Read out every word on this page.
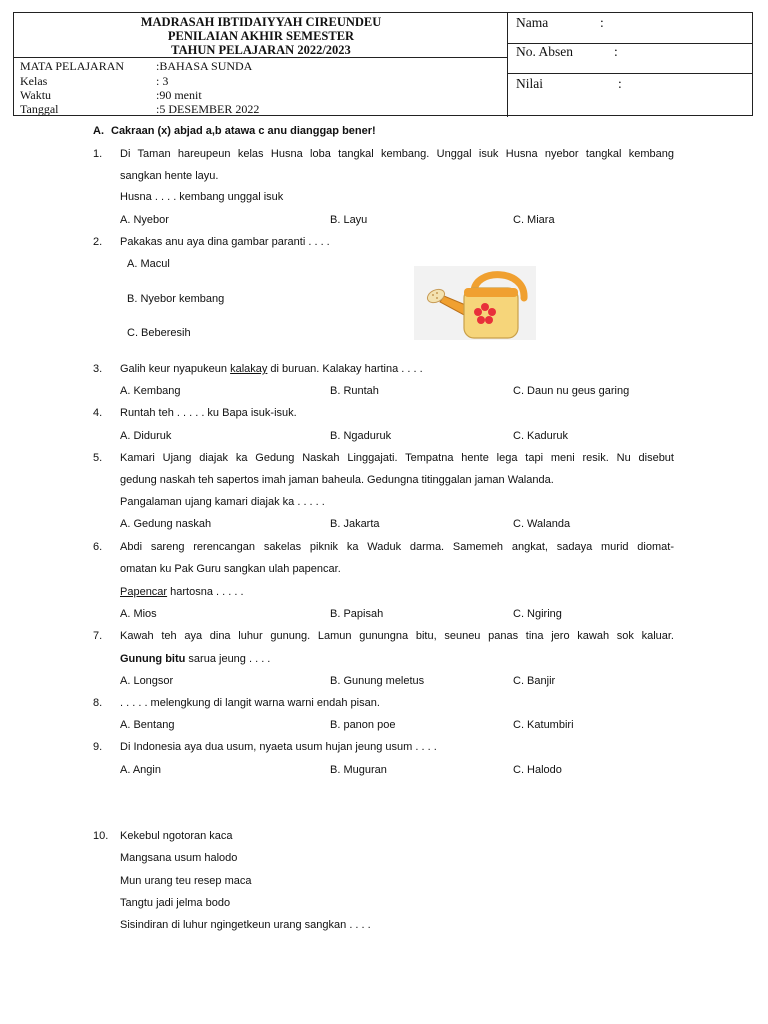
MADRASAH IBTIDAIYYAH CIREUNDEU
PENILAIAN AKHIR SEMESTER
TAHUN PELAJARAN 2022/2023
MATA PELAJARAN	:BAHASA SUNDA
Kelas	: 3
Waktu	:90 menit
Tanggal	:5 DESEMBER 2022
Nama	:
No. Absen	:
Nilai	:
A. Cakraan (x) abjad a,b atawa c anu dianggap bener!
1. Di Taman hareupeun kelas Husna loba tangkal kembang. Unggal isuk Husna nyebor tangkal kembang
sangkan hente layu.
Husna . . . . kembang unggal isuk
A. Nyebor	B. Layu	C. Miara
2. Pakakas anu aya dina gambar paranti . . . .
A. Macul
B. Nyebor kembang
C. Beberesih
3. Galih keur nyapukeun kalakay di buruan. Kalakay hartina . . . .
A. Kembang	B. Runtah	C. Daun nu geus garing
4. Runtah teh . . . . . ku Bapa isuk-isuk.
A. Diduruk	B. Ngaduruk	C. Kaduruk
5. Kamari Ujang diajak ka Gedung Naskah Linggajati. Tempatna hente lega tapi meni resik. Nu disebut
gedung naskah teh sapertos imah jaman baheula. Gedungna titinggalan jaman Walanda.
Pangalaman ujang kamari diajak ka . . . . .
A. Gedung naskah	B. Jakarta	C. Walanda
6. Abdi sareng rerencangan sakelas piknik ka Waduk darma. Samemeh angkat, sadaya murid diomat-
omatan ku Pak Guru sangkan ulah papencar.
Papencar hartosna . . . . .
A. Mios	B. Papisah	C. Ngiring
7. Kawah teh aya dina luhur gunung. Lamun gunungna bitu, seuneu panas tina jero kawah sok kaluar.
Gunung bitu sarua jeung . . . .
A. Longsor	B. Gunung meletus	C. Banjir
8. . . . . . melengkung di langit warna warni endah pisan.
A. Bentang	B. panon poe	C. Katumbiri
9. Di Indonesia aya dua usum, nyaeta usum hujan jeung usum . . . .
A. Angin	B. Muguran	C. Halodo
10. Kekebul ngotoran kaca
Mangsana usum halodo
Mun urang teu resep maca
Tangtu jadi jelma bodo
Sisindiran di luhur ngingetkeun urang sangkan . . . .
